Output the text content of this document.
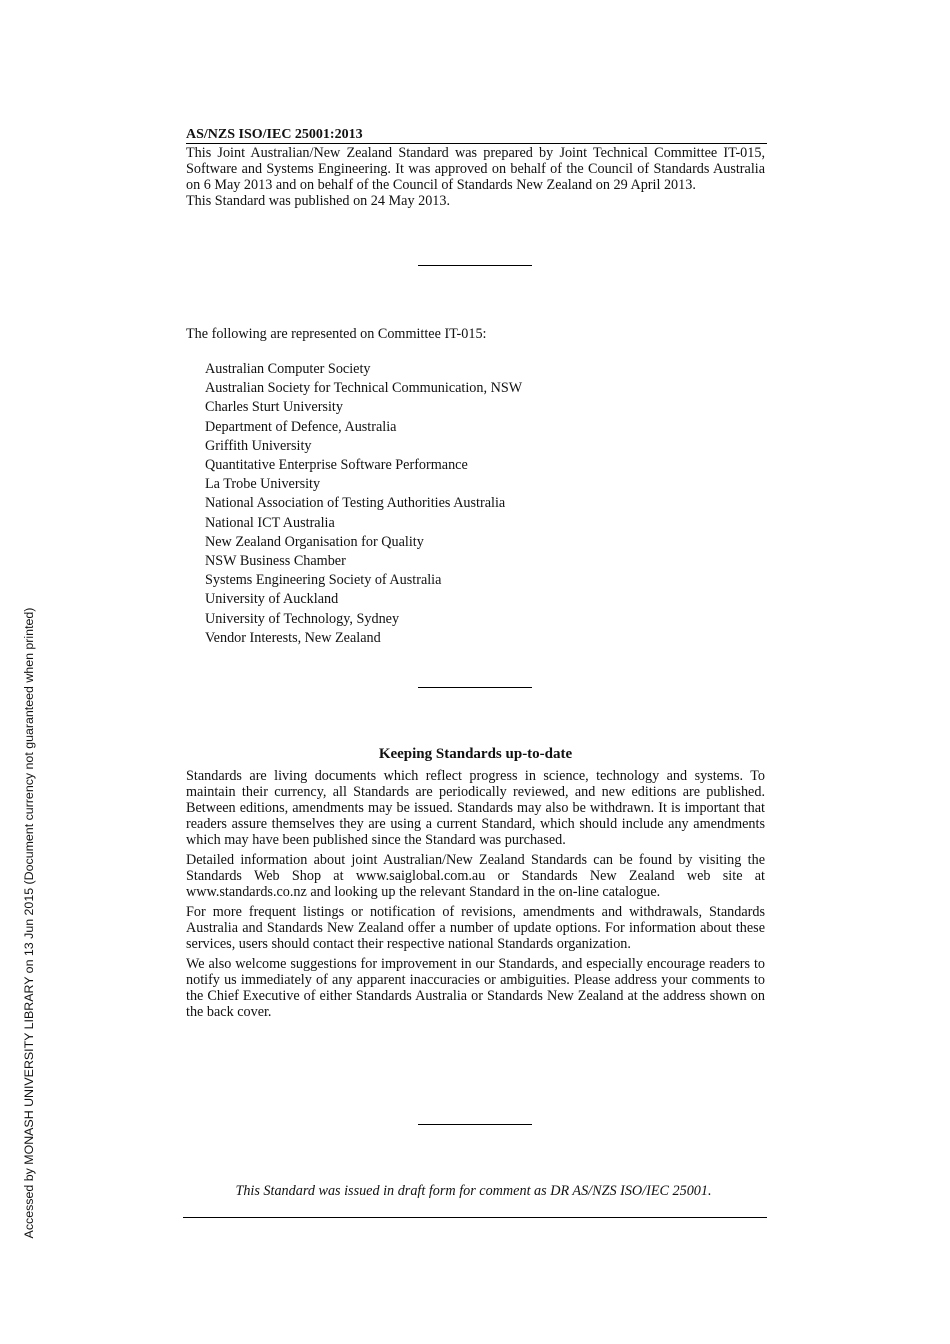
AS/NZS ISO/IEC 25001:2013

This Joint Australian/New Zealand Standard was prepared by Joint Technical Committee IT-015, Software and Systems Engineering. It was approved on behalf of the Council of Standards Australia on 6 May 2013 and on behalf of the Council of Standards New Zealand on 29 April 2013.

This Standard was published on 24 May 2013.

The following are represented on Committee IT-015:

Australian Computer Society
Australian Society for Technical Communication, NSW
Charles Sturt University
Department of Defence, Australia
Griffith University
Quantitative Enterprise Software Performance
La Trobe University
National Association of Testing Authorities Australia
National ICT Australia
New Zealand Organisation for Quality
NSW Business Chamber
Systems Engineering Society of Australia
University of Auckland
University of Technology, Sydney
Vendor Interests, New Zealand
Keeping Standards up-to-date

Standards are living documents which reflect progress in science, technology and systems. To maintain their currency, all Standards are periodically reviewed, and new editions are published. Between editions, amendments may be issued. Standards may also be withdrawn. It is important that readers assure themselves they are using a current Standard, which should include any amendments which may have been published since the Standard was purchased.

Detailed information about joint Australian/New Zealand Standards can be found by visiting the Standards Web Shop at www.saiglobal.com.au or Standards New Zealand web site at www.standards.co.nz and looking up the relevant Standard in the on-line catalogue.

For more frequent listings or notification of revisions, amendments and withdrawals, Standards Australia and Standards New Zealand offer a number of update options. For information about these services, users should contact their respective national Standards organization.

We also welcome suggestions for improvement in our Standards, and especially encourage readers to notify us immediately of any apparent inaccuracies or ambiguities. Please address your comments to the Chief Executive of either Standards Australia or Standards New Zealand at the address shown on the back cover.

This Standard was issued in draft form for comment as DR AS/NZS ISO/IEC 25001.

Accessed by MONASH UNIVERSITY LIBRARY on 13 Jun 2015 (Document currency not guaranteed when printed)
